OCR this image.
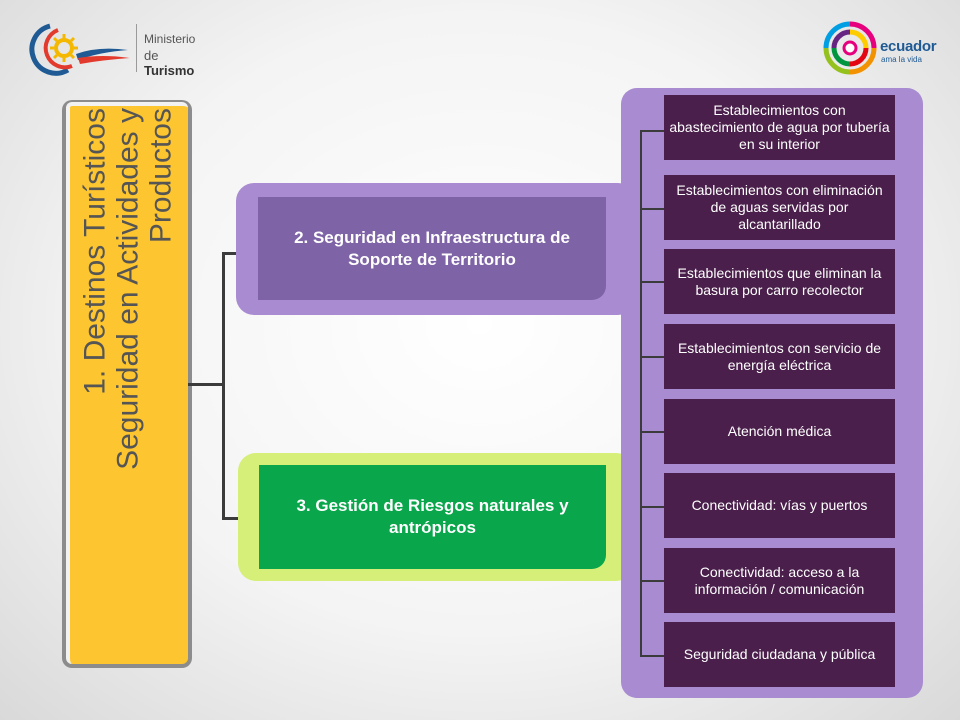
Ministerio
de Turismo
ecuador
ama la vida
1. Destinos Turísticos Seguridad en Actividades y Productos	2. Seguridad en Infraestructura de Soporte de Territorio
3. Gestión de Riesgos naturales y antrópicos
Establecimientos con abastecimiento de agua por tubería en su interior
Establecimientos con eliminación de aguas servidas por alcantarillado
Establecimientos que eliminan la basura por carro recolector
Establecimientos con servicio de energía eléctrica
Atención médica
Conectividad: vías y puertos
Conectividad: acceso a la información / comunicación
Seguridad ciudadana y pública
